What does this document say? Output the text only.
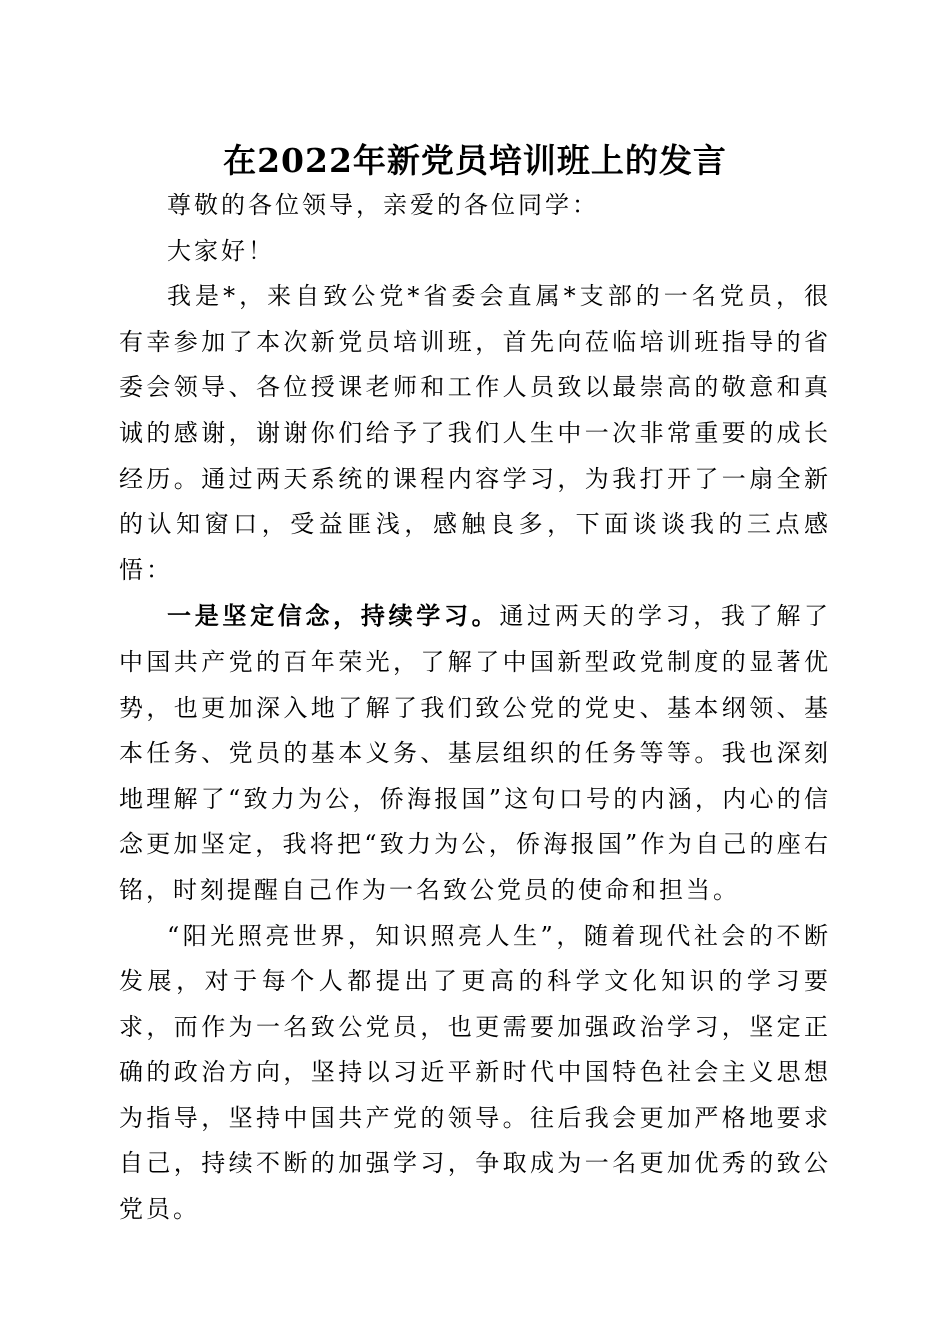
在2022年新党员培训班上的发言

尊敬的各位领导，亲爱的各位同学：

大家好！

我是*，来自致公党*省委会直属*支部的一名党员，很有幸参加了本次新党员培训班，首先向莅临培训班指导的省委会领导、各位授课老师和工作人员致以最崇高的敬意和真诚的感谢，谢谢你们给予了我们人生中一次非常重要的成长经历。通过两天系统的课程内容学习，为我打开了一扇全新的认知窗口，受益匪浅，感触良多，下面谈谈我的三点感悟：

一是坚定信念，持续学习。通过两天的学习，我了解了中国共产党的百年荣光，了解了中国新型政党制度的显著优势，也更加深入地了解了我们致公党的党史、基本纲领、基本任务、党员的基本义务、基层组织的任务等等。我也深刻地理解了“致力为公，侨海报国”这句口号的内涵，内心的信念更加坚定，我将把“致力为公，侨海报国”作为自己的座右铭，时刻提醒自己作为一名致公党员的使命和担当。

“阳光照亮世界，知识照亮人生”，随着现代社会的不断发展，对于每个人都提出了更高的科学文化知识的学习要求，而作为一名致公党员，也更需要加强政治学习，坚定正确的政治方向，坚持以习近平新时代中国特色社会主义思想为指导，坚持中国共产党的领导。往后我会更加严格地要求自己，持续不断的加强学习，争取成为一名更加优秀的致公党员。
